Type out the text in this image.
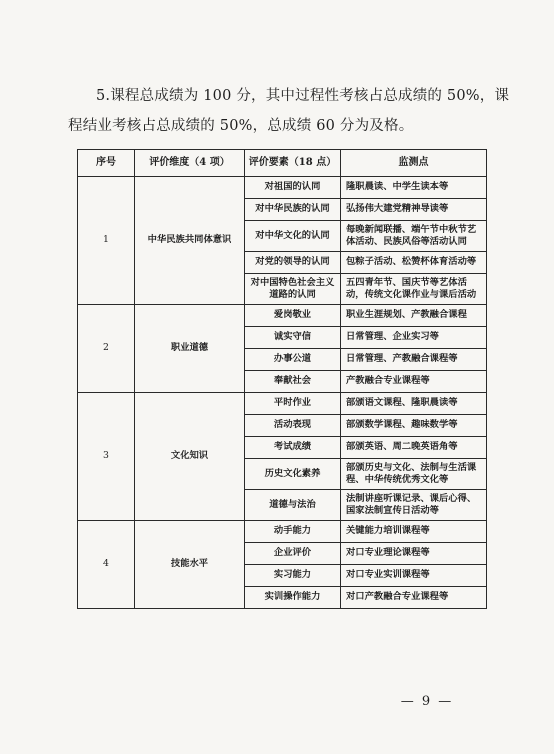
5.课程总成绩为 100 分，其中过程性考核占总成绩的 50%，课
程结业考核占总成绩的 50%，总成绩 60 分为及格。
序号	评价维度（4 项）	评价要素（18 点）	监测点
1	中华民族共同体意识	对祖国的认同	隆职晨读、中学生读本等
		对中华民族的认同	弘扬伟大建党精神导读等
		对中华文化的认同	每晚新闻联播、端午节中秋节艺体活动、民族风俗等活动认同
		对党的领导的认同	包粽子活动、松赞杯体育活动等
		对中国特色社会主义道路的认同	五四青年节、国庆节等艺体活动，传统文化课作业与课后活动
2	职业道德	爱岗敬业	职业生涯规划、产教融合课程
		诚实守信	日常管理、企业实习等
		办事公道	日常管理、产教融合课程等
		奉献社会	产教融合专业课程等
3	文化知识	平时作业	部颁语文课程、隆职晨读等
		活动表现	部颁数学课程、趣味数学等
		考试成绩	部颁英语、周二晚英语角等
		历史文化素养	部颁历史与文化、法制与生活课程、中华传统优秀文化等
		道德与法治	法制讲座听课记录、课后心得、国家法制宣传日活动等
4	技能水平	动手能力	关键能力培训课程等
		企业评价	对口专业理论课程等
		实习能力	对口专业实训课程等
		实训操作能力	对口产教融合专业课程等
— 9 —
